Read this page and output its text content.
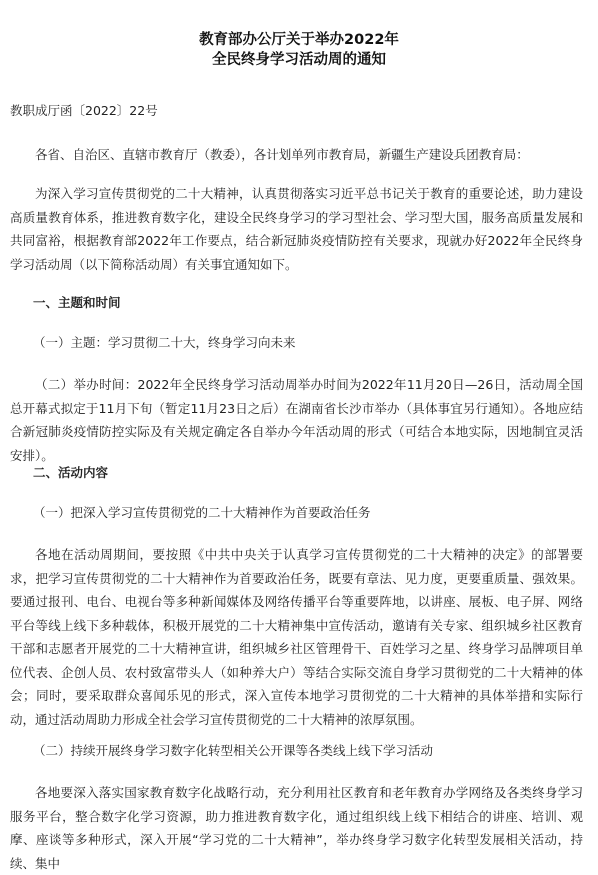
教育部办公厅关于举办2022年
全民终身学习活动周的通知
教职成厅函〔2022〕22号

各省、自治区、直辖市教育厅（教委），各计划单列市教育局，新疆生产建设兵团教育局：

为深入学习宣传贯彻党的二十大精神，认真贯彻落实习近平总书记关于教育的重要论述，助力建设高质量教育体系，推进教育数字化，建设全民终身学习的学习型社会、学习型大国，服务高质量发展和共同富裕，根据教育部2022年工作要点，结合新冠肺炎疫情防控有关要求，现就办好2022年全民终身学习活动周（以下简称活动周）有关事宜通知如下。

一、主题和时间
（一）主题：学习贯彻二十大，终身学习向未来

（二）举办时间：2022年全民终身学习活动周举办时间为2022年11月20日—26日，活动周全国总开幕式拟定于11月下旬（暂定11月23日之后）在湖南省长沙市举办（具体事宜另行通知）。各地应结合新冠肺炎疫情防控实际及有关规定确定各自举办今年活动周的形式（可结合本地实际，因地制宜灵活安排）。

二、活动内容
（一）把深入学习宣传贯彻党的二十大精神作为首要政治任务

各地在活动周期间，要按照《中共中央关于认真学习宣传贯彻党的二十大精神的决定》的部署要求，把学习宣传贯彻党的二十大精神作为首要政治任务，既要有章法、见力度，更要重质量、强效果。要通过报刊、电台、电视台等多种新闻媒体及网络传播平台等重要阵地，以讲座、展板、电子屏、网络平台等线上线下多种载体，积极开展党的二十大精神集中宣传活动，邀请有关专家、组织城乡社区教育干部和志愿者开展党的二十大精神宣讲，组织城乡社区管理骨干、百姓学习之星、终身学习品牌项目单位代表、企创人员、农村致富带头人（如种养大户）等结合实际交流自身学习贯彻党的二十大精神的体会；同时，要采取群众喜闻乐见的形式，深入宣传本地学习贯彻党的二十大精神的具体举措和实际行动，通过活动周助力形成全社会学习宣传贯彻党的二十大精神的浓厚氛围。

（二）持续开展终身学习数字化转型相关公开课等各类线上线下学习活动

各地要深入落实国家教育数字化战略行动，充分利用社区教育和老年教育办学网络及各类终身学习服务平台，整合数字化学习资源，助力推进教育数字化，通过组织线上线下相结合的讲座、培训、观摩、座谈等多种形式，深入开展“学习党的二十大精神”，举办终身学习数字化转型发展相关活动，持续、集中
